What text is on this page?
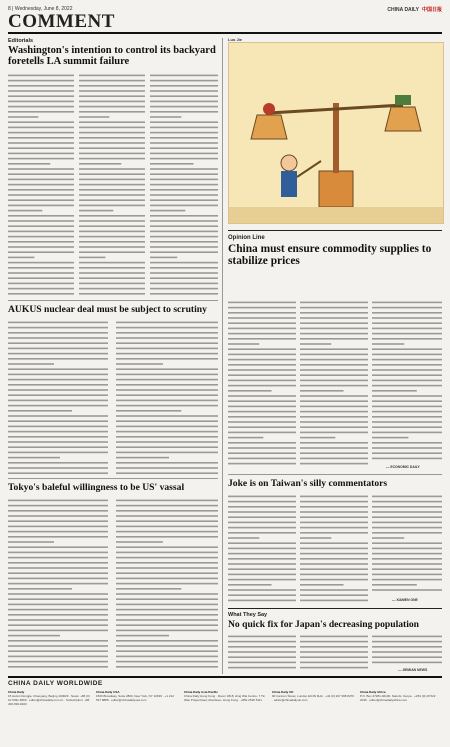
8 | Wednesday, June 8, 2022	CHINA DAILY 中国日报
COMMENT
Editorials
Washington's intention to control its backyard foretells LA summit failure
AUKUS nuclear deal must be subject to scrutiny
Tokyo's baleful willingness to be US' vassal
Luo Jie
Opinion Line
China must ensure commodity supplies to stabilize prices
— ECONOMIC DAILY
Joke is on Taiwan's silly commentators
— XIAMEN ONE
What They Say
No quick fix for Japan's decreasing population
— JIEMIAN NEWS
CHINA DAILY WORLDWIDE
China Daily
15 Huixin Dongjie, Chaoyang, Beijing 100029 · News: +86 (0) 10 6491-8366 · editor@chinadaily.com.cn · Subscription: +86 400-699-0203
China Daily USA
1500 Broadway, Suite 2800, New York, NY 10036 · +1 212 537 8888 · editor@chinadailyusa.com
China Daily Asia Pacific
China Daily Hong Kong · Room 1818, Hing Wai Centre, 7 Tin Wan Praya Road, Aberdeen, Hong Kong · +852 2518 5111
China Daily UK
90 Cannon Street, London EC4N 6HA · +44 (0) 207 398 8270 · editor@chinadailyuk.com
China Daily Africa
P.O. Box 27281-00100, Nairobi, Kenya · +254 (0) 20 522 2046 · editor@chinadailyafrica.com
